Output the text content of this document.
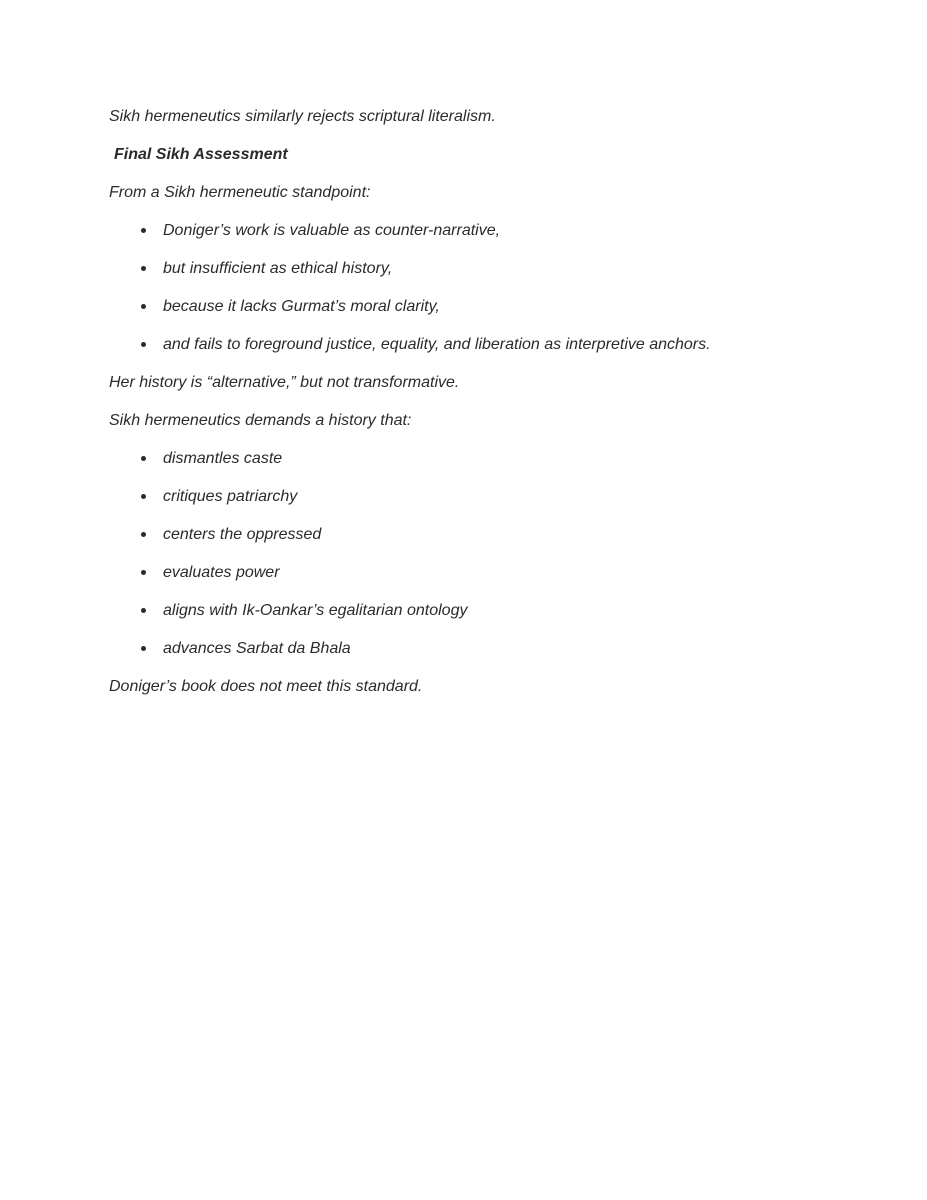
Sikh hermeneutics similarly rejects scriptural literalism.

Final Sikh Assessment

From a Sikh hermeneutic standpoint:

Doniger’s work is valuable as counter-narrative,
but insufficient as ethical history,
because it lacks Gurmat’s moral clarity,
and fails to foreground justice, equality, and liberation as interpretive anchors.

Her history is “alternative,” but not transformative.

Sikh hermeneutics demands a history that:

dismantles caste
critiques patriarchy
centers the oppressed
evaluates power
aligns with Ik-Oankar’s egalitarian ontology
advances Sarbat da Bhala

Doniger’s book does not meet this standard.
